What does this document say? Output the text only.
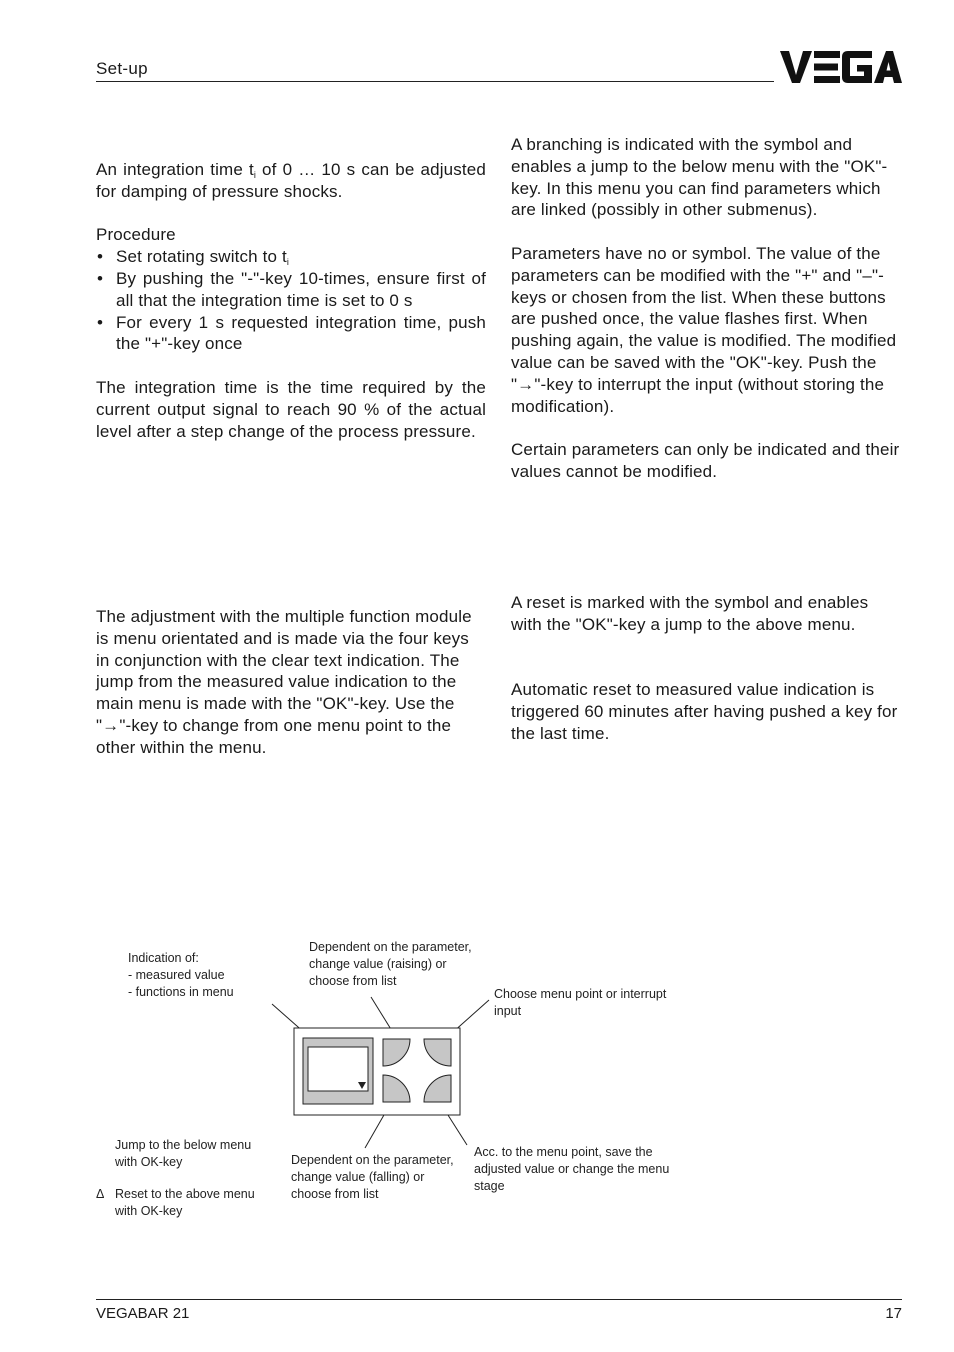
Set-up

An integration time $t_i$ of 0 … 10 s can be adjusted for damping of pressure shocks.

Procedure

• Set rotating switch to $t_i$
• By pushing the "-"-key 10-times, ensure first of all that the integration time is set to 0 s
• For every 1 s requested integration time, push the "+"-key once

The integration time is the time required by the current output signal to reach 90 % of the actual level after a step change of the process pressure.

The adjustment with the multiple function module is menu orientated and is made via the four keys in conjunction with the clear text indication. The jump from the measured value indication to the main menu is made with the "OK"-key. Use the "→"-key to change from one menu point to the other within the menu.

A branching is indicated with the symbol and enables a jump to the below menu with the "OK"-key. In this menu you can find parameters which are linked (possibly in other submenus).

Parameters have no or symbol. The value of the parameters can be modified with the "+" and "–"-keys or chosen from the list. When these buttons are pushed once, the value flashes first. When pushing again, the value is modified. The modified value can be saved with the "OK"-key. Push the "→"-key to interrupt the input (without storing the modification).

Certain parameters can only be indicated and their values cannot be modified.

A reset is marked with the symbol and enables with the "OK"-key a jump to the above menu.

Automatic reset to measured value indication is triggered 60 minutes after having pushed a key for the last time.

Indication of:

- measured value

- functions in menu

Dependent on the parameter, change value (raising) or choose from list
Choose menu point or interrupt input
Dependent on the parameter, change value (falling) or choose from list
Acc. to the menu point, save the adjusted value or change the menu stage
Jump to the below menu with OK-key
Δ Reset to the above menu with OK-key
VEGABAR 21	17
